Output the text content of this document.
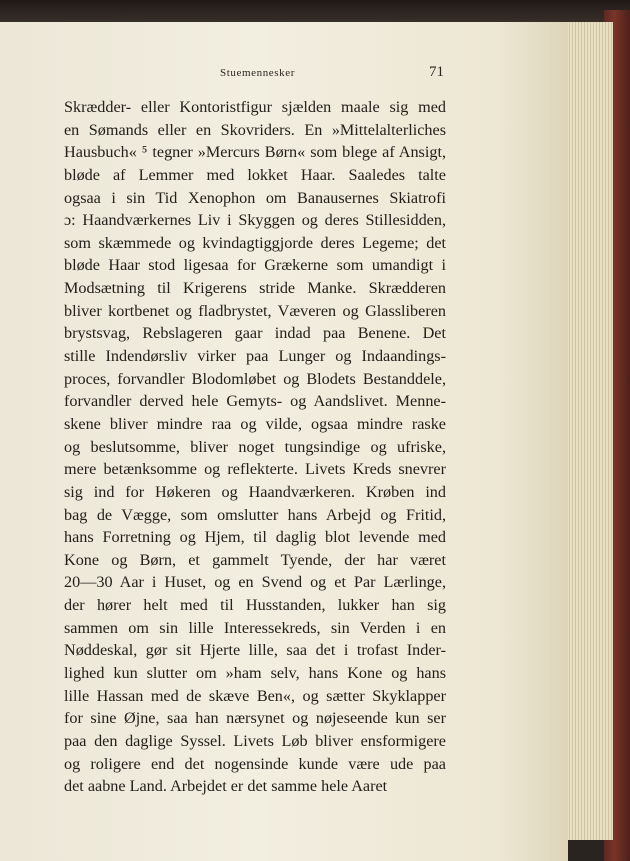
Stuemennesker	71
Skrædder- eller Kontoristfigur sjælden maale sig med
en Sømands eller en Skovriders. En »Mittelalterliches
Hausbuch« ⁵ tegner »Mercurs Børn« som blege af Ansigt,
bløde af Lemmer med lokket Haar. Saaledes talte
ogsaa i sin Tid Xenophon om Banausernes Skiatrofi
ɔ: Haandværkernes Liv i Skyggen og deres Stillesidden,
som skæmmede og kvindagtiggjorde deres Legeme; det
bløde Haar stod ligesaa for Grækerne som umandigt i
Modsætning til Krigerens stride Manke. Skrædderen
bliver kortbenet og fladbrystet, Væveren og Glassliberen
brystsvag, Rebslageren gaar indad paa Benene. Det
stille Indendørsliv virker paa Lunger og Indaandings-
proces, forvandler Blodomløbet og Blodets Bestanddele,
forvandler derved hele Gemyts- og Aandslivet. Menne-
skene bliver mindre raa og vilde, ogsaa mindre raske
og beslutsomme, bliver noget tungsindige og ufriske,
mere betænksomme og reflekterte. Livets Kreds snevrer
sig ind for Høkeren og Haandværkeren. Krøben ind
bag de Vægge, som omslutter hans Arbejd og Fritid,
hans Forretning og Hjem, til daglig blot levende med
Kone og Børn, et gammelt Tyende, der har været
20—30 Aar i Huset, og en Svend og et Par Lærlinge,
der hører helt med til Husstanden, lukker han sig
sammen om sin lille Interessekreds, sin Verden i en
Nøddeskal, gør sit Hjerte lille, saa det i trofast Inder-
lighed kun slutter om »ham selv, hans Kone og hans
lille Hassan med de skæve Ben«, og sætter Skyklapper
for sine Øjne, saa han nærsynet og nøjeseende kun ser
paa den daglige Syssel. Livets Løb bliver ensformigere
og roligere end det nogensinde kunde være ude paa
det aabne Land. Arbejdet er det samme hele Aaret
